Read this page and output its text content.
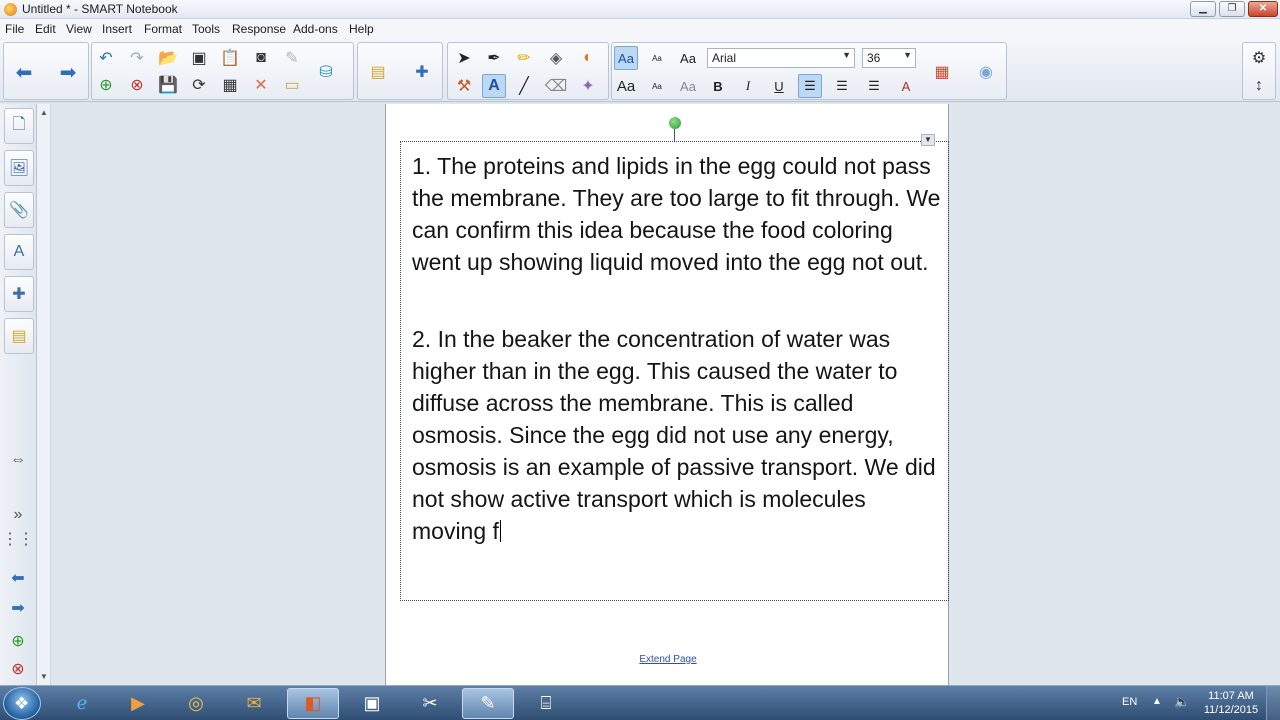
Untitled * - SMART Notebook	▁	❐	✕
File Edit View Insert Format Tools Response Add-ons Help
⬅ ➡
↶	↷ 📂 ▣ 📋	◙	✎
⊕	⊗ 💾 ⟳	▦	✕	▭
⛁	▤	✚
➤	✒	✏	◈	◐
⚒	A	╱ ⌫ ✦
Aa	Aa	Aa	Arial	▼	36	▼
▦
Aa	Aa	Aa	B	I	U	☰	☰	☰	A
◉
⚙
↕
🗋
🖼
📎
A
✚
▤
⇔
»
⋮⋮
⬅
➡
⊕
⊗
▲
▼
1. The proteins and lipids in the egg could not pass the membrane. They are too large to fit through. We can confirm this idea because the food coloring went up showing liquid moved into the egg not out.
2. In the beaker the concentration of water was higher than in the egg. This caused the water to diffuse across the membrane. This is called osmosis. Since the egg did not use any energy, osmosis is an example of passive transport. We did not show active transport which is molecules moving f
▼
Extend Page
❖	ℯ	▶	◎	✉	◧	▣	✂	✎	⌸	EN ▲ 🔈	11:07 AM
11/12/2015
